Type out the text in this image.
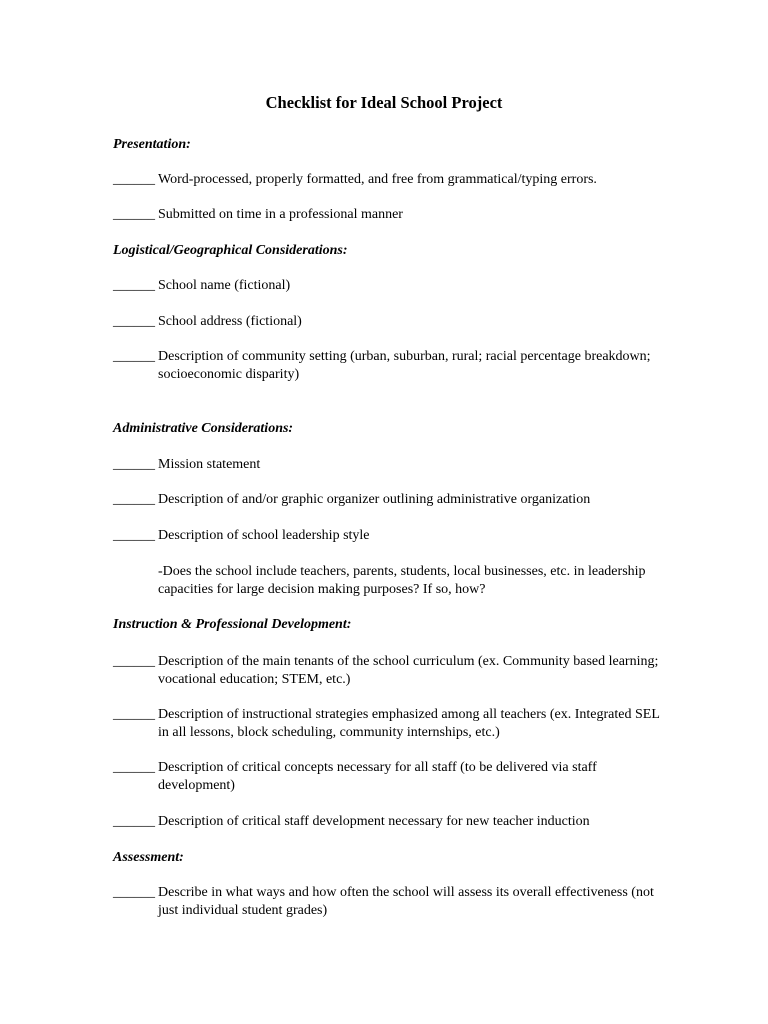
Checklist for Ideal School Project
Presentation:
______ Word-processed, properly formatted, and free from grammatical/typing errors.
______ Submitted on time in a professional manner
Logistical/Geographical Considerations:
______ School name (fictional)
______ School address (fictional)
______ Description of community setting (urban, suburban, rural; racial percentage breakdown; socioeconomic disparity)
Administrative Considerations:
______ Mission statement
______ Description of and/or graphic organizer outlining administrative organization
______ Description of school leadership style
-Does the school include teachers, parents, students, local businesses, etc. in leadership capacities for large decision making purposes? If so, how?
Instruction & Professional Development:
______ Description of the main tenants of the school curriculum (ex. Community based learning; vocational education; STEM, etc.)
______ Description of instructional strategies emphasized among all teachers (ex. Integrated SEL in all lessons, block scheduling, community internships, etc.)
______ Description of critical concepts necessary for all staff (to be delivered via staff development)
______ Description of critical staff development necessary for new teacher induction
Assessment:
______ Describe in what ways and how often the school will assess its overall effectiveness (not just individual student grades)
